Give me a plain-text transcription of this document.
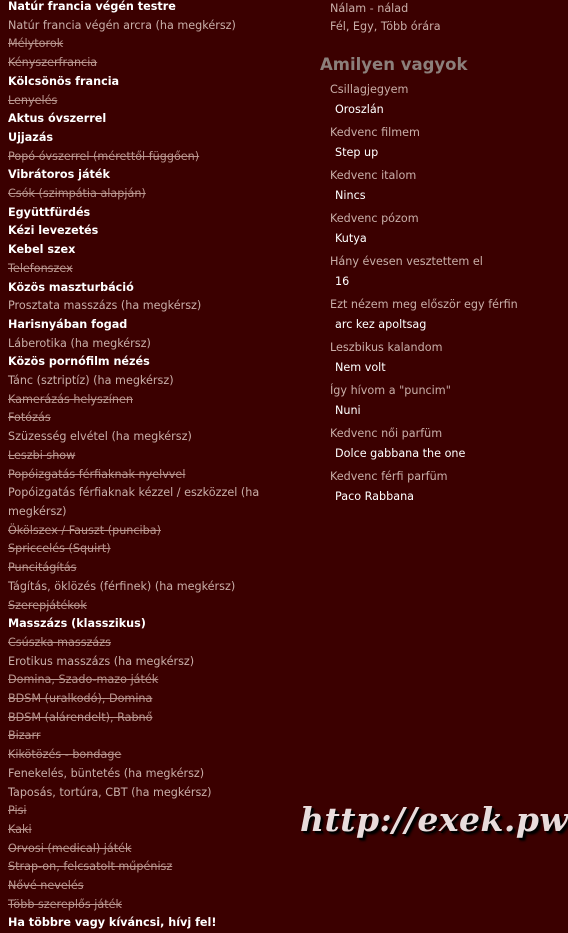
Natúr francia végén testre
Natúr francia végén arcra (ha megkérsz)
Mélytorok
Kényszerfrancia
Kölcsönös francia
Lenyelés
Aktus óvszerrel
Ujjazás
Popó óvszerrel (mérettől függően)
Vibrátoros játék
Csók (szimpátia alapján)
Együttfürdés
Kézi levezetés
Kebel szex
Telefonszex
Közös maszturbáció
Prosztata masszázs (ha megkérsz)
Harisnyában fogad
Láberotika (ha megkérsz)
Közös pornófilm nézés
Tánc (sztriptíz) (ha megkérsz)
Kamerázás helyszínen
Fotózás
Szüzesség elvétel (ha megkérsz)
Leszbi show
Popóizgatás férfiaknak nyelvvel
Popóizgatás férfiaknak kézzel / eszközzel (ha megkérsz)
Ökölszex / Fauszt (punciba)
Spriccelés (Squirt)
Puncitágítás
Tágítás, öklözés (férfinek) (ha megkérsz)
Szerepjátékok
Masszázs (klasszikus)
Csúszka masszázs
Erotikus masszázs (ha megkérsz)
Domina, Szado-mazo játék
BDSM (uralkodó), Domina
BDSM (alárendelt), Rabnő
Bizarr
Kikötözés - bondage
Fenekelés, büntetés (ha megkérsz)
Taposás, tortúra, CBT (ha megkérsz)
Pisi
Kaki
Orvosi (medical) játék
Strap-on, felcsatolt műpénisz
Nővé nevelés
Több szereplős játék
Ha többre vagy kíváncsi, hívj fel!
Nálam - nálad
Fél, Egy, Több órára
Amilyen vagyok
Csillagjegyem
Oroszlán
Kedvenc filmem
Step up
Kedvenc italom
Nincs
Kedvenc pózom
Kutya
Hány évesen vesztettem el
16
Ezt nézem meg először egy férfin
arc kez apoltsag
Leszbikus kalandom
Nem volt
Így hívom a "puncim"
Nuni
Kedvenc női parfüm
Dolce gabbana the one
Kedvenc férfi parfüm
Paco Rabbana
http://exek.pw
